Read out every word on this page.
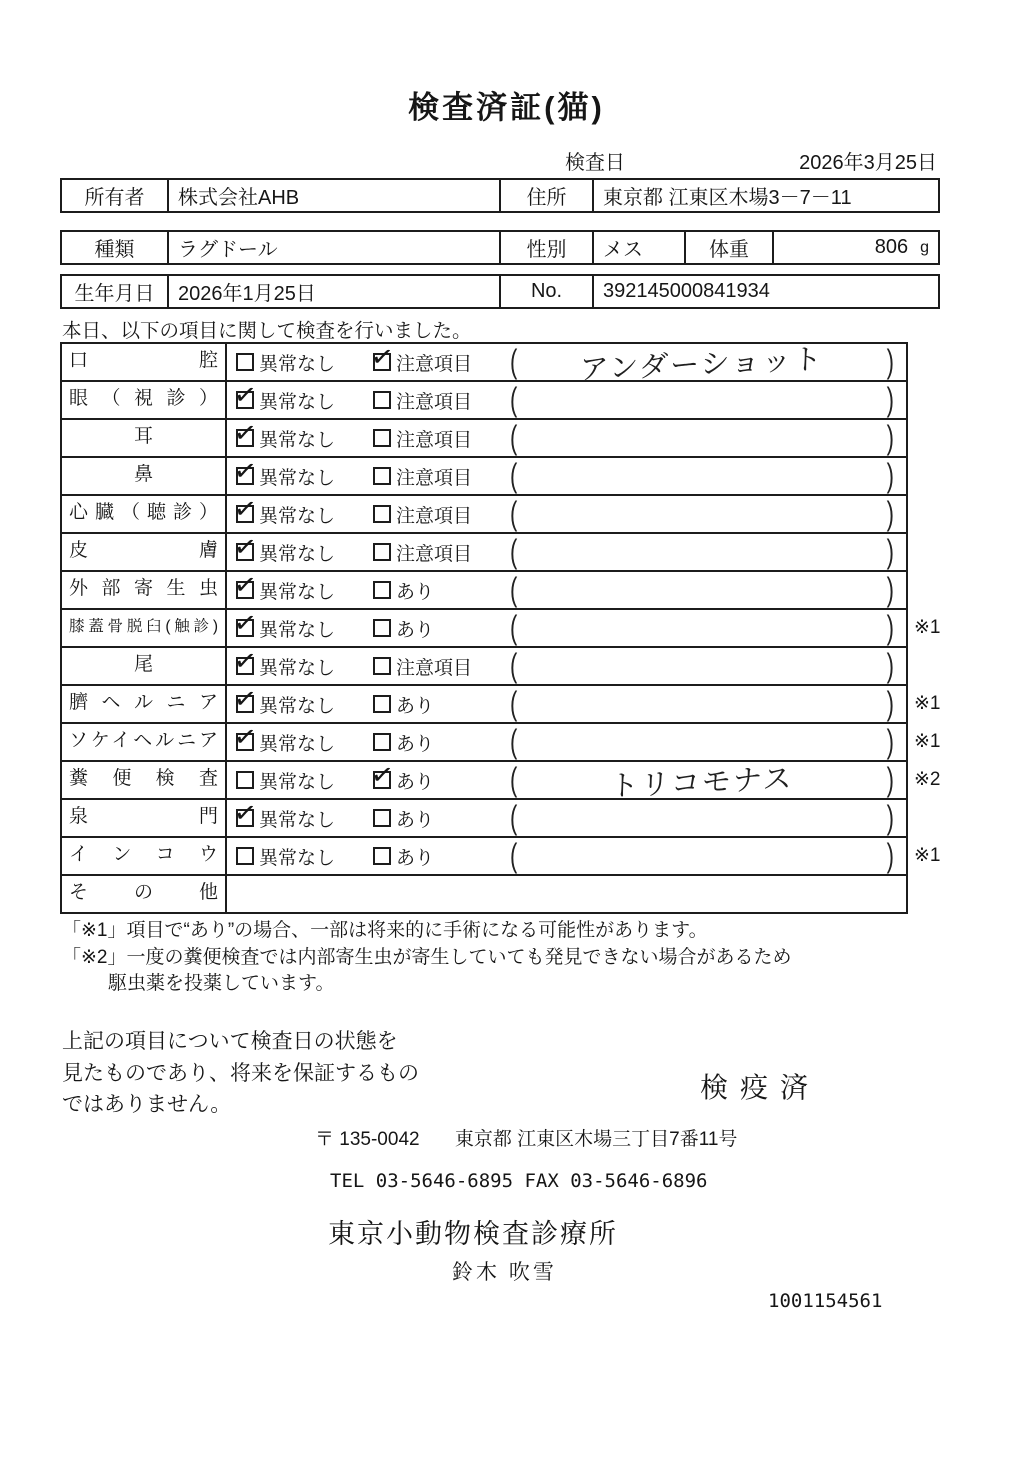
検査済証(猫)
検査日	2026年3月25日
所有者	株式会社AHB	住所	東京都 江東区木場3－7－11
種類	ラグドール	性別	メス	体重	806 g
生年月日	2026年1月25日	No.	392145000841934
本日、以下の項目に関して検査を行いました。
口腔	異常なし ✓	注意項目 (	アンダーショット	)
眼（視診） ✓	異常なし	注意項目 (	)
耳 ✓	異常なし	注意項目 (	)
鼻 ✓	異常なし	注意項目 (	)
心臓（聴診） ✓	異常なし	注意項目 (	)
皮膚 ✓	異常なし	注意項目 (	)
外部寄生虫 ✓	異常なし	あり	(	)
膝蓋骨脱臼(触診) ✓	異常なし	あり	(	) ※1
尾 ✓	異常なし	注意項目 (	)
臍ヘルニア ✓	異常なし	あり	(	) ※1
ソケイヘルニア ✓	異常なし	あり	(	) ※1
糞便検査	異常なし ✓	あり	(	トリコモナス	) ※2
泉門 ✓	異常なし	あり	(	)
インコウ	異常なし	あり	(	) ※1
その他
「※1」項目で“あり”の場合、一部は将来的に手術になる可能性があります。
「※2」一度の糞便検査では内部寄生虫が寄生していても発見できない場合があるため
駆虫薬を投薬しています。
上記の項目について検査日の状態を
見たものであり、将来を保証するもの
ではありません。
検疫済
〒 135-0042 東京都 江東区木場三丁目7番11号
TEL 03-5646-6895 FAX 03-5646-6896
東京小動物検査診療所
鈴木 吹雪
1001154561
